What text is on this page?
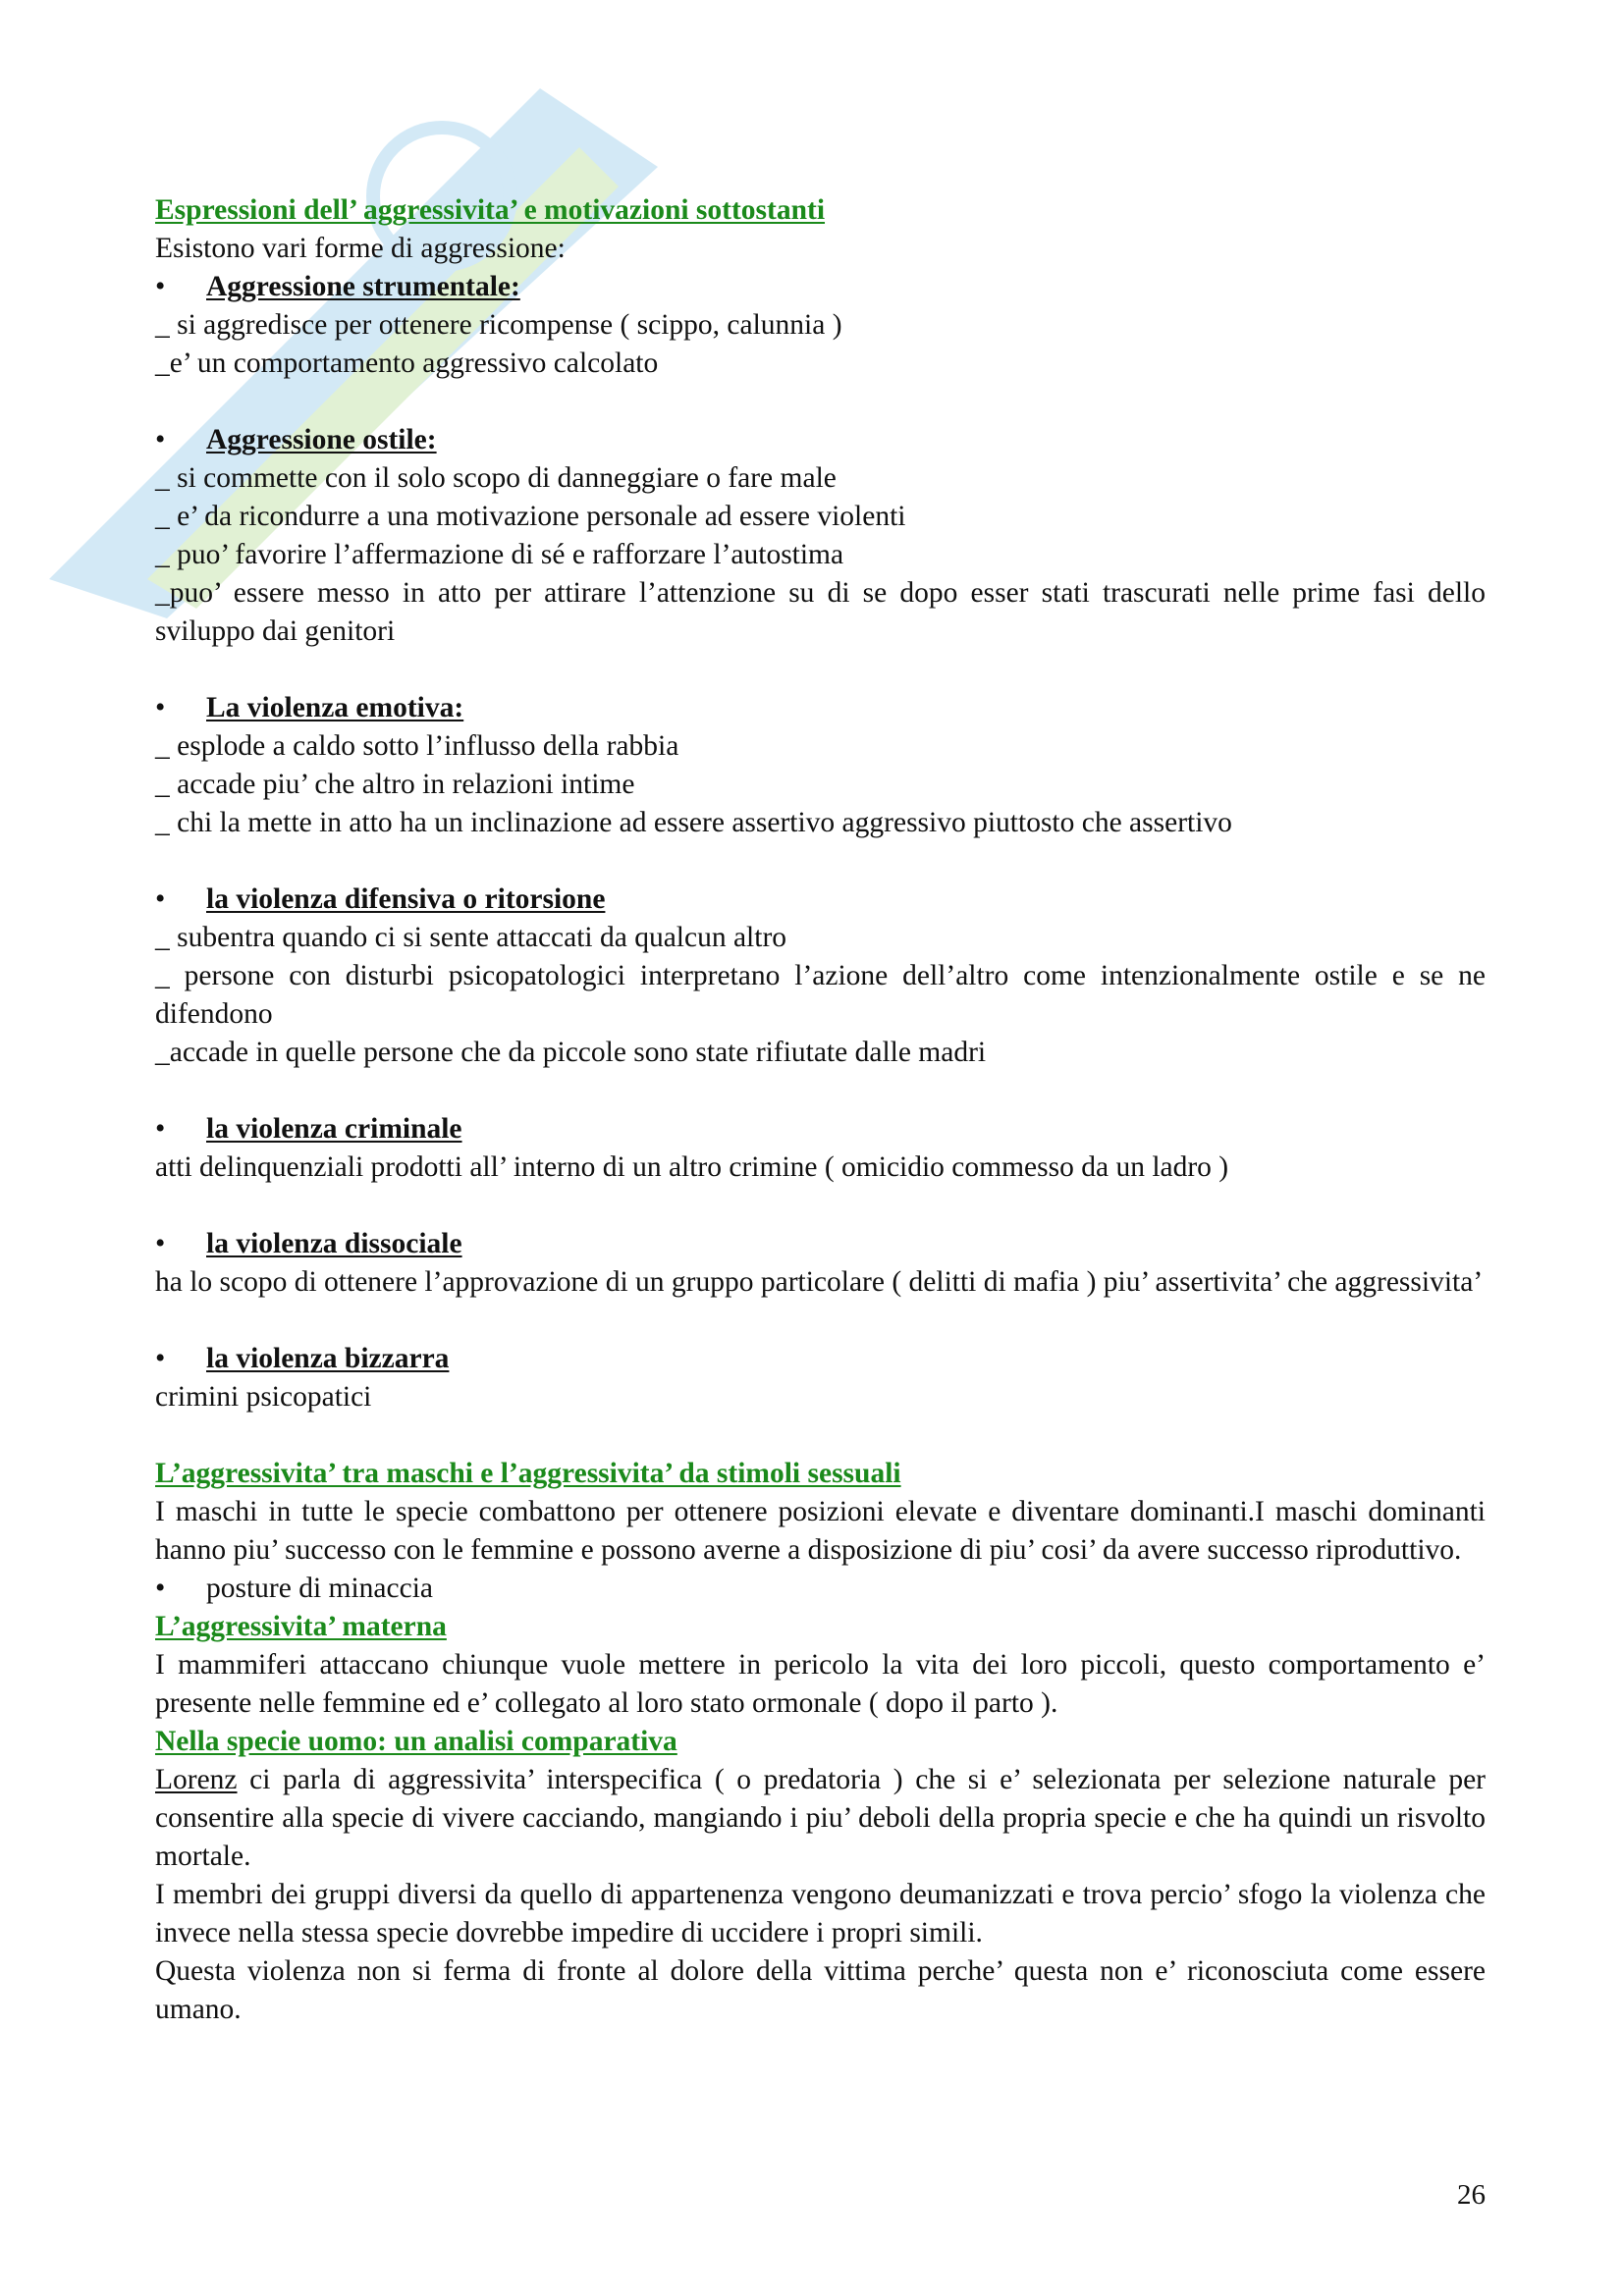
Espressioni dell’ aggressivita’ e motivazioni sottostanti

Esistono vari forme di aggressione:

•	Aggressione strumentale:

_ si aggredisce per ottenere ricompense ( scippo, calunnia )

_e’ un comportamento aggressivo calcolato

•	Aggressione ostile:

_ si commette con il solo scopo di danneggiare o fare male

_ e’ da ricondurre a una motivazione personale ad essere violenti

_ puo’ favorire l’affermazione di sé e rafforzare l’autostima

_puo’ essere messo in atto per attirare l’attenzione su di se dopo esser stati trascurati nelle prime fasi dello sviluppo dai genitori

•	La violenza emotiva:

_ esplode a caldo sotto l’influsso della rabbia

_ accade piu’ che altro in relazioni intime

_ chi la mette in atto ha un inclinazione ad essere assertivo aggressivo piuttosto che assertivo

•	la violenza difensiva o ritorsione

_ subentra quando ci si sente attaccati da qualcun altro

_ persone con disturbi psicopatologici interpretano l’azione dell’altro come intenzionalmente ostile e se ne difendono

_accade in quelle persone che da piccole sono state rifiutate dalle madri

•	la violenza criminale

atti delinquenziali prodotti all’ interno di un altro crimine ( omicidio commesso da un ladro )

•	la violenza dissociale

ha lo scopo di ottenere l’approvazione di un gruppo particolare ( delitti di mafia ) piu’ assertivita’ che aggressivita’

•	la violenza bizzarra

crimini psicopatici

L’aggressivita’ tra maschi e l’aggressivita’ da stimoli sessuali

I maschi in tutte le specie combattono per ottenere posizioni elevate e diventare dominanti.I maschi dominanti hanno piu’ successo con le femmine e possono averne a disposizione di piu’ cosi’ da avere successo riproduttivo.

•	posture di minaccia

L’aggressivita’ materna

I mammiferi attaccano chiunque vuole mettere in pericolo la vita dei loro piccoli, questo comportamento e’ presente nelle femmine ed e’ collegato al loro stato ormonale ( dopo il parto ).

Nella specie uomo: un analisi comparativa

Lorenz ci parla di aggressivita’ interspecifica ( o predatoria ) che si e’ selezionata per selezione naturale per consentire alla specie di vivere cacciando, mangiando i piu’ deboli della propria specie e che ha quindi un risvolto mortale.

I membri dei gruppi diversi da quello di appartenenza vengono deumanizzati e trova percio’ sfogo la violenza che invece nella stessa specie dovrebbe impedire di uccidere i propri simili.

Questa violenza non si ferma di fronte al dolore della vittima perche’ questa non e’ riconosciuta come essere umano.

26
